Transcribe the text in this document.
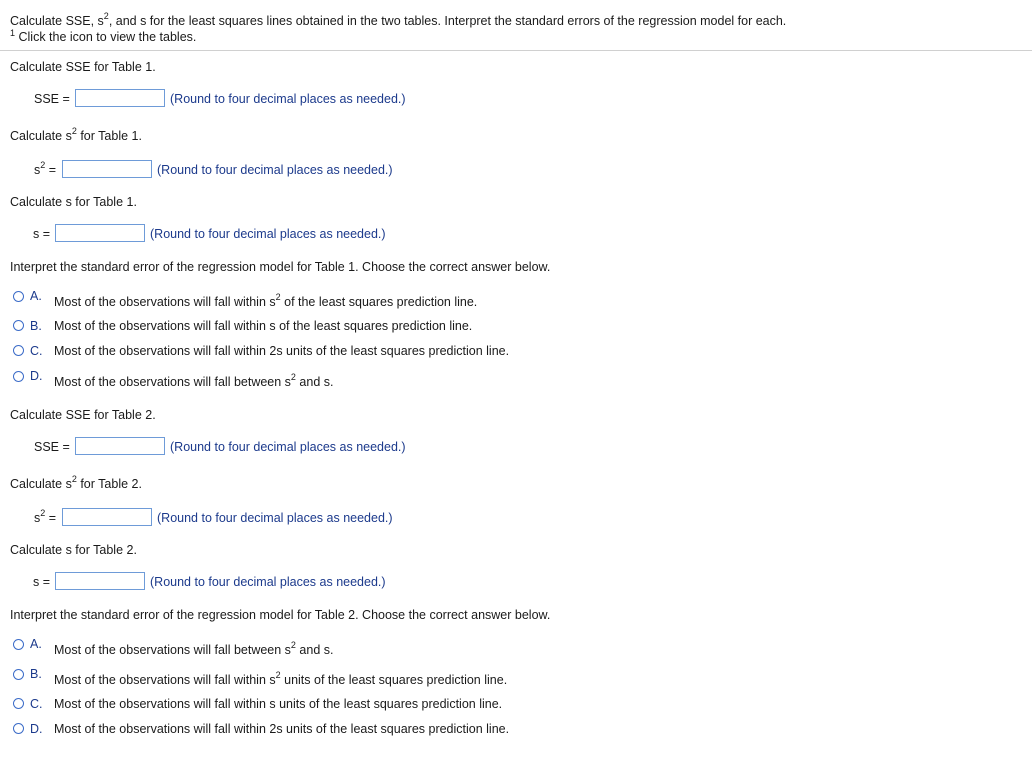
Calculate SSE, $s^2$, and s for the least squares lines obtained in the two tables. Interpret the standard errors of the regression model for each.
$^1$ Click the icon to view the tables.
Calculate SSE for Table 1.
SSE =	(Round to four decimal places as needed.)
Calculate $s^2$ for Table 1.
$s^2$ =	(Round to four decimal places as needed.)
Calculate s for Table 1.
s =	(Round to four decimal places as needed.)
Interpret the standard error of the regression model for Table 1. Choose the correct answer below.
A. Most of the observations will fall within $s^2$ of the least squares prediction line.
B. Most of the observations will fall within s of the least squares prediction line.
C. Most of the observations will fall within 2s units of the least squares prediction line.
D. Most of the observations will fall between $s^2$ and s.
Calculate SSE for Table 2.
SSE =	(Round to four decimal places as needed.)
Calculate $s^2$ for Table 2.
$s^2$ =	(Round to four decimal places as needed.)
Calculate s for Table 2.
s =	(Round to four decimal places as needed.)
Interpret the standard error of the regression model for Table 2. Choose the correct answer below.
A. Most of the observations will fall between $s^2$ and s.
B. Most of the observations will fall within $s^2$ units of the least squares prediction line.
C. Most of the observations will fall within s units of the least squares prediction line.
D. Most of the observations will fall within 2s units of the least squares prediction line.
